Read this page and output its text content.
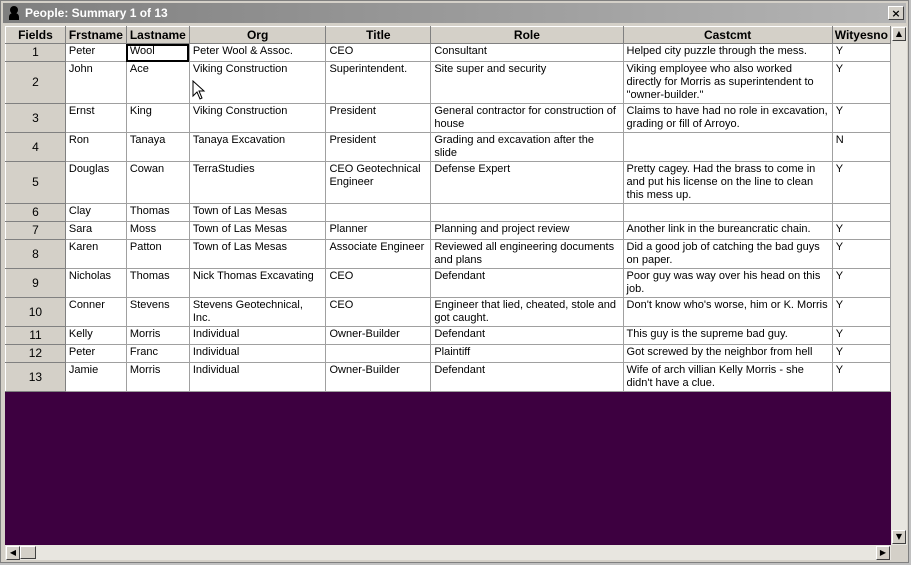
People: Summary 1 of 13	×
Fields	Frstname	Lastname	Org	Title	Role	Castcmt	Wityesno
1	Peter	Wool	Peter Wool & Assoc.	CEO	Consultant	Helped city puzzle through the mess.	Y
2	John	Ace	Viking Construction	Superintendent.	Site super and security	Viking employee who also worked directly for Morris as superintendent to "owner-builder."	Y
3	Ernst	King	Viking Construction	President	General contractor for construction of house	Claims to have had no role in excavation, grading or fill of Arroyo.	Y
4	Ron	Tanaya	Tanaya Excavation	President	Grading and excavation after the slide		N
5	Douglas	Cowan	TerraStudies	CEO Geotechnical Engineer	Defense Expert	Pretty cagey. Had the brass to come in and put his license on the line to clean this mess up.	Y
6	Clay	Thomas	Town of Las Mesas				
7	Sara	Moss	Town of Las Mesas	Planner	Planning and project review	Another link in the bureancratic chain.	Y
8	Karen	Patton	Town of Las Mesas	Associate Engineer	Reviewed all engineering documents and plans	Did a good job of catching the bad guys on paper.	Y
9	Nicholas	Thomas	Nick Thomas Excavating	CEO	Defendant	Poor guy was way over his head on this job.	Y
10	Conner	Stevens	Stevens Geotechnical, Inc.	CEO	Engineer that lied, cheated, stole and got caught.	Don't know who's worse, him or K. Morris	Y
11	Kelly	Morris	Individual	Owner-Builder	Defendant	This guy is the supreme bad guy.	Y
12	Peter	Franc	Individual		Plaintiff	Got screwed by the neighbor from hell	Y
13	Jamie	Morris	Individual	Owner-Builder	Defendant	Wife of arch villian Kelly Morris - she didn't have a clue.	Y
▲
▼
◀	▶
